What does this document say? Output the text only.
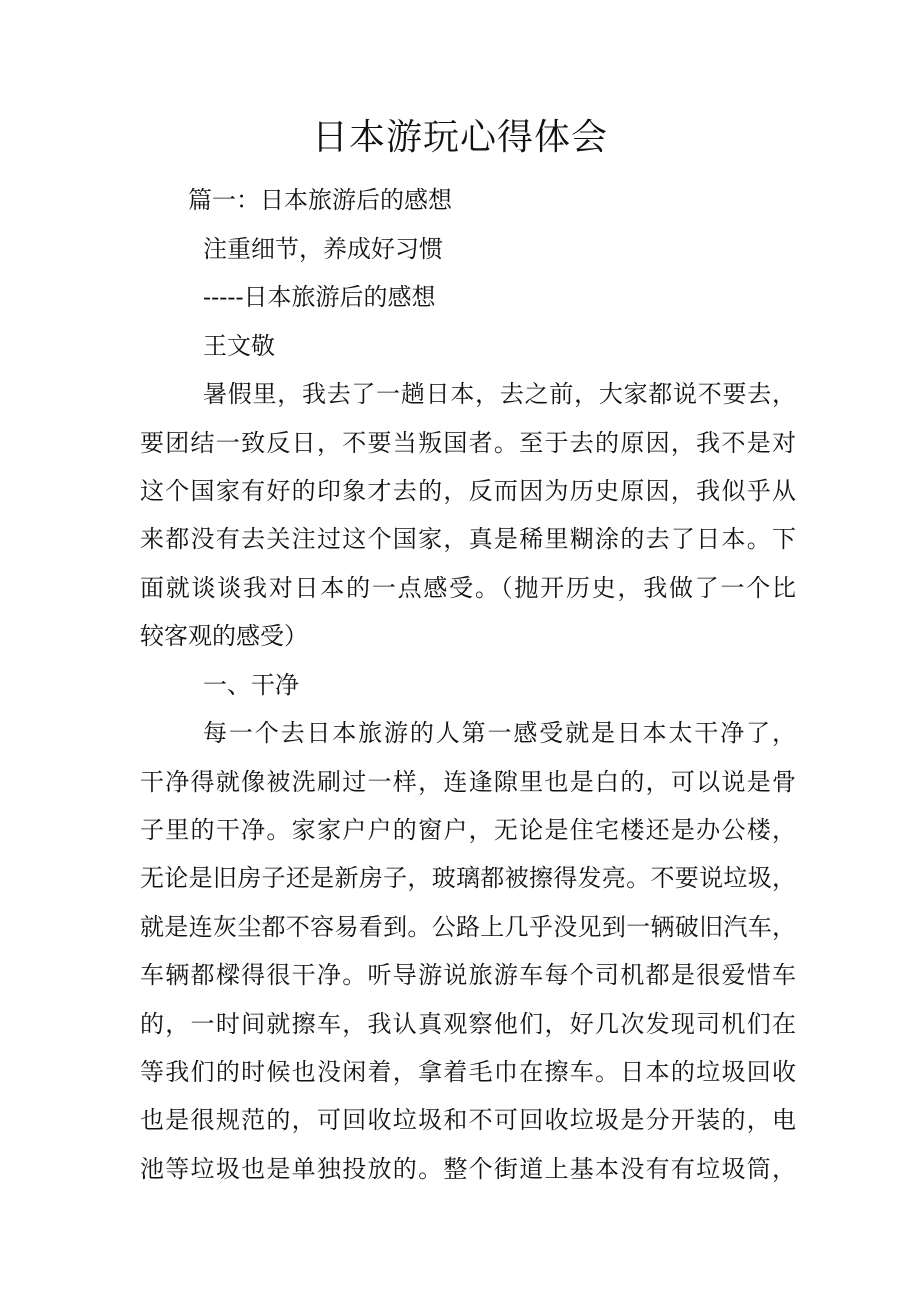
日本游玩心得体会
篇一：日本旅游后的感想
注重细节，养成好习惯
-----日本旅游后的感想
王文敬
暑假里，我去了一趟日本，去之前，大家都说不要去，
要团结一致反日，不要当叛国者。至于去的原因，我不是对
这个国家有好的印象才去的，反而因为历史原因，我似乎从
来都没有去关注过这个国家，真是稀里糊涂的去了日本。下
面就谈谈我对日本的一点感受。（抛开历史，我做了一个比
较客观的感受）
一、干净
每一个去日本旅游的人第一感受就是日本太干净了，
干净得就像被洗刷过一样，连逢隙里也是白的，可以说是骨
子里的干净。家家户户的窗户，无论是住宅楼还是办公楼，
无论是旧房子还是新房子，玻璃都被擦得发亮。不要说垃圾，
就是连灰尘都不容易看到。公路上几乎没见到一辆破旧汽车，
车辆都樑得很干净。听导游说旅游车每个司机都是很爱惜车
的，一时间就擦车，我认真观察他们，好几次发现司机们在
等我们的时候也没闲着，拿着毛巾在擦车。日本的垃圾回收
也是很规范的，可回收垃圾和不可回收垃圾是分开装的，电
池等垃圾也是单独投放的。整个街道上基本没有有垃圾筒，
·
